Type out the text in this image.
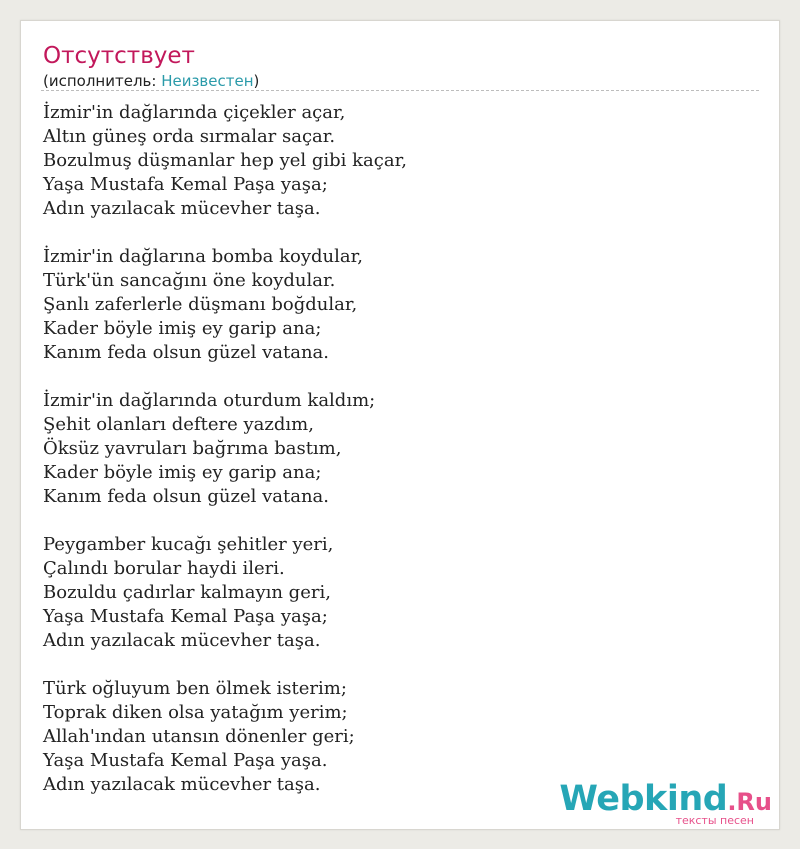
Отсутствует
(исполнитель: Неизвестен)
İzmir'in dağlarında çiçekler açar,
Altın güneş orda sırmalar saçar.
Bozulmuş düşmanlar hep yel gibi kaçar,
Yaşa Mustafa Kemal Paşa yaşa;
Adın yazılacak mücevher taşa.
İzmir'in dağlarına bomba koydular,
Türk'ün sancağını öne koydular.
Şanlı zaferlerle düşmanı boğdular,
Kader böyle imiş ey garip ana;
Kanım feda olsun güzel vatana.
İzmir'in dağlarında oturdum kaldım;
Şehit olanları deftere yazdım,
Öksüz yavruları bağrıma bastım,
Kader böyle imiş ey garip ana;
Kanım feda olsun güzel vatana.
Peygamber kucağı şehitler yeri,
Çalındı borular haydi ileri.
Bozuldu çadırlar kalmayın geri,
Yaşa Mustafa Kemal Paşa yaşa;
Adın yazılacak mücevher taşa.
Türk oğluyum ben ölmek isterim;
Toprak diken olsa yatağım yerim;
Allah'ından utansın dönenler geri;
Yaşa Mustafa Kemal Paşa yaşa.
Adın yazılacak mücevher taşa.	Webkind.Ru
тексты песен
